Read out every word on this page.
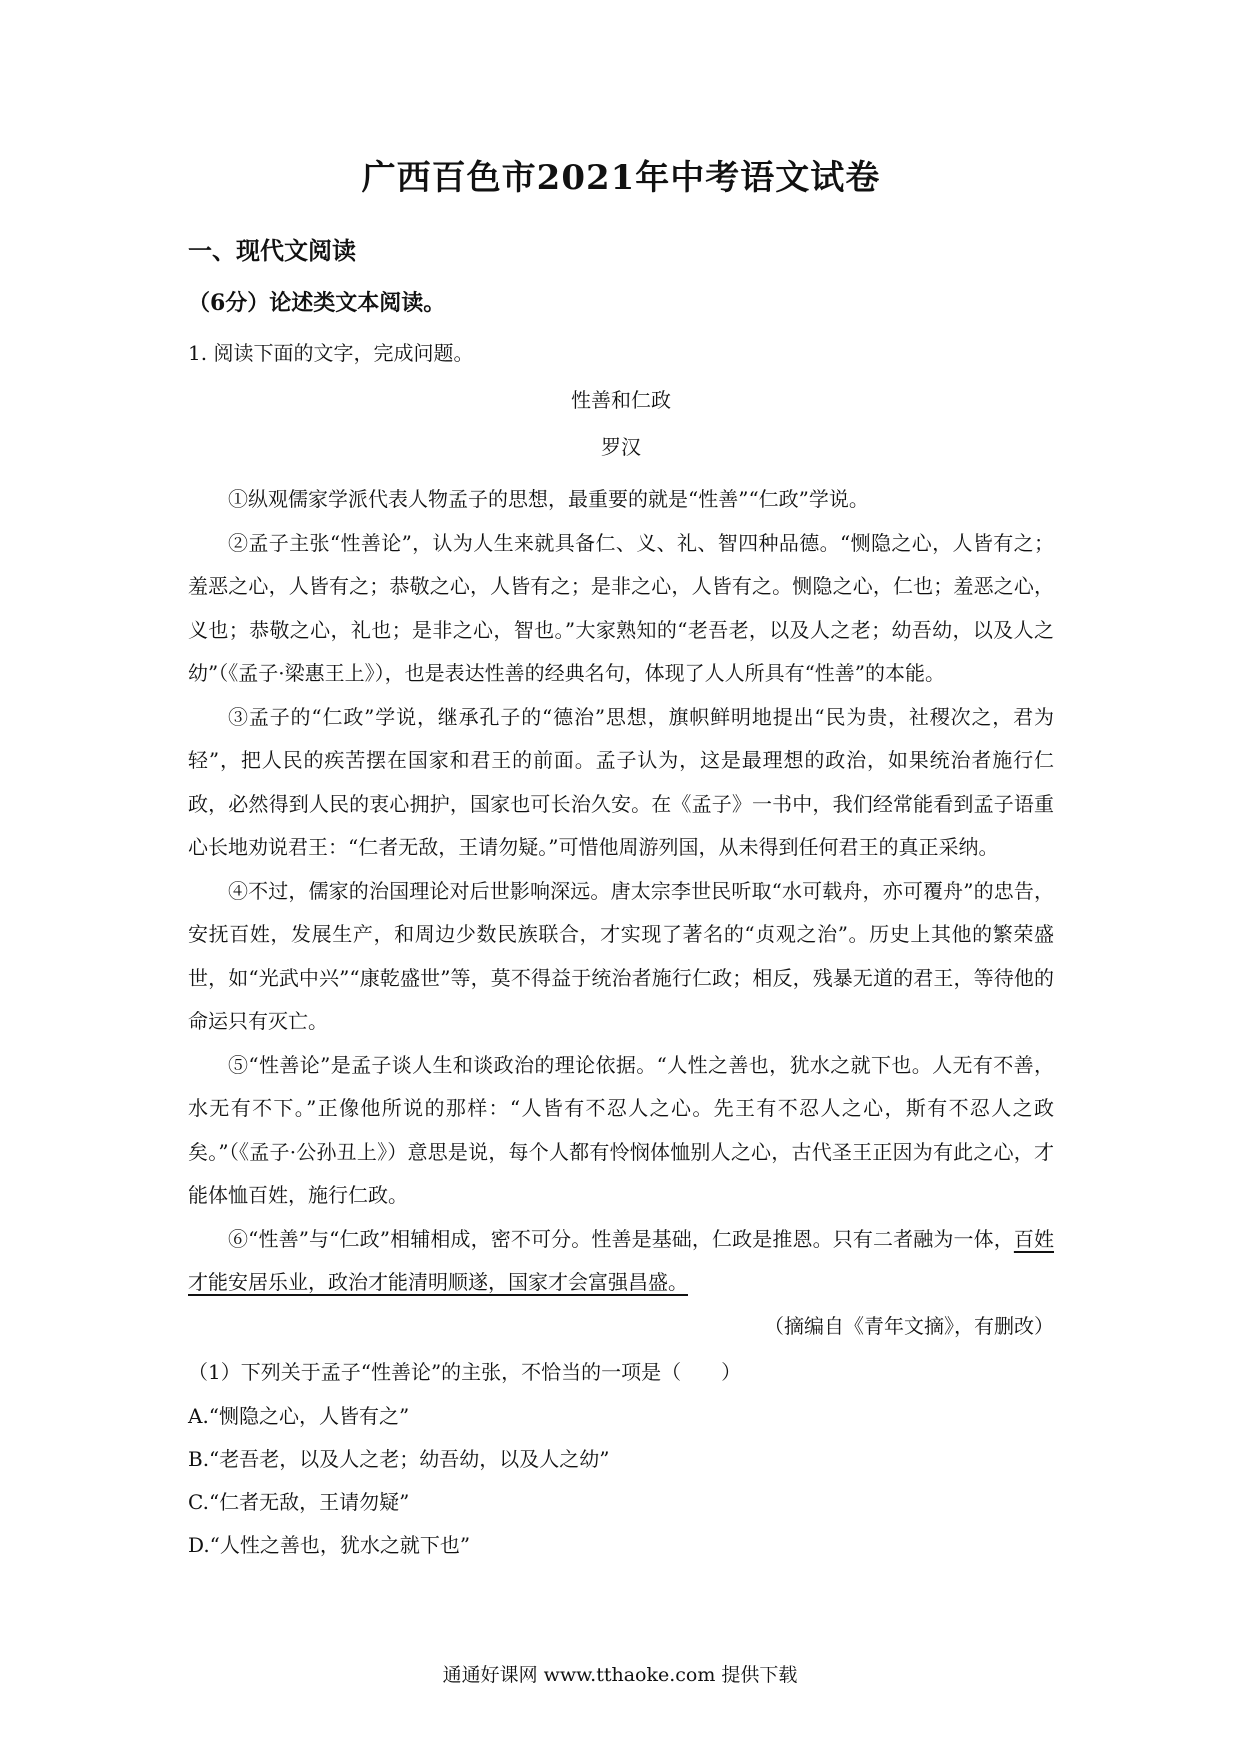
广西百色市2021年中考语文试卷
一、现代文阅读
（6分）论述类文本阅读。
1. 阅读下面的文字，完成问题。
性善和仁政
罗汉

①纵观儒家学派代表人物孟子的思想，最重要的就是“性善”“仁政”学说。

②孟子主张“性善论”，认为人生来就具备仁、义、礼、智四种品德。“恻隐之心，人皆有之；羞恶之心，人皆有之；恭敬之心，人皆有之；是非之心，人皆有之。恻隐之心，仁也；羞恶之心，义也；恭敬之心，礼也；是非之心，智也。”大家熟知的“老吾老，以及人之老；幼吾幼，以及人之幼”（《孟子·梁惠王上》），也是表达性善的经典名句，体现了人人所具有“性善”的本能。

③孟子的“仁政”学说，继承孔子的“德治”思想，旗帜鲜明地提出“民为贵，社稷次之，君为轻”，把人民的疾苦摆在国家和君王的前面。孟子认为，这是最理想的政治，如果统治者施行仁政，必然得到人民的衷心拥护，国家也可长治久安。在《孟子》一书中，我们经常能看到孟子语重心长地劝说君王：“仁者无敌，王请勿疑。”可惜他周游列国，从未得到任何君王的真正采纳。

④不过，儒家的治国理论对后世影响深远。唐太宗李世民听取“水可载舟，亦可覆舟”的忠告，安抚百姓，发展生产，和周边少数民族联合，才实现了著名的“贞观之治”。历史上其他的繁荣盛世，如“光武中兴”“康乾盛世”等，莫不得益于统治者施行仁政；相反，残暴无道的君王，等待他的命运只有灭亡。

⑤“性善论”是孟子谈人生和谈政治的理论依据。“人性之善也，犹水之就下也。人无有不善，水无有不下。”正像他所说的那样：“人皆有不忍人之心。先王有不忍人之心，斯有不忍人之政矣。”（《孟子·公孙丑上》）意思是说，每个人都有怜悯体恤别人之心，古代圣王正因为有此之心，才能体恤百姓，施行仁政。

⑥“性善”与“仁政”相辅相成，密不可分。性善是基础，仁政是推恩。只有二者融为一体，百姓才能安居乐业，政治才能清明顺遂，国家才会富强昌盛。

（摘编自《青年文摘》，有删改）
（1）下列关于孟子“性善论”的主张，不恰当的一项是（　　）
A.“恻隐之心，人皆有之”
B.“老吾老，以及人之老；幼吾幼，以及人之幼”
C.“仁者无敌，王请勿疑”
D.“人性之善也，犹水之就下也”
通通好课网 www.tthaoke.com 提供下载
